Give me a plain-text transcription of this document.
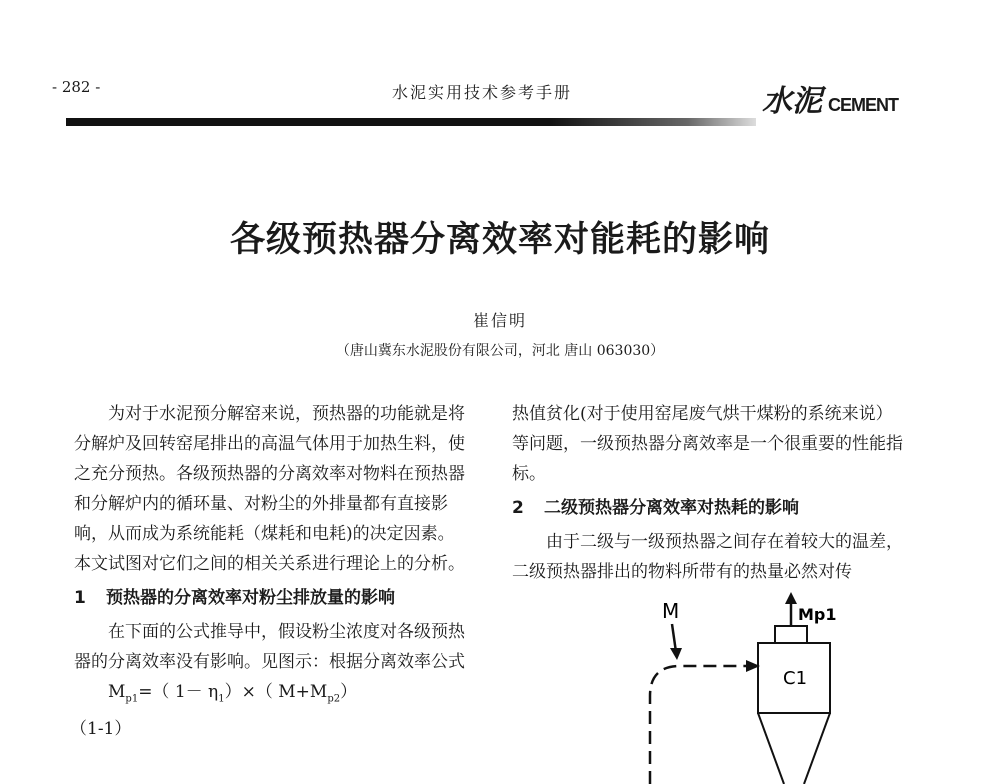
- 282 -	水泥实用技术参考手册	水泥 CEMENT
各级预热器分离效率对能耗的影响
崔信明
（唐山冀东水泥股份有限公司，河北 唐山 063030）

为对于水泥预分解窑来说，预热器的功能就是将分解炉及回转窑尾排出的高温气体用于加热生料，使之充分预热。各级预热器的分离效率对物料在预热器和分解炉内的循环量、对粉尘的外排量都有直接影响，从而成为系统能耗（煤耗和电耗)的决定因素。本文试图对它们之间的相关关系进行理论上的分析。

1 预热器的分离效率对粉尘排放量的影响

在下面的公式推导中，假设粉尘浓度对各级预热器的分离效率没有影响。见图示：根据分离效率公式

$M_{p1}=$（ $1- \eta_1)\times$（ $M+M_{p2}$）

（1-1）

热值贫化(对于使用窑尾废气烘干煤粉的系统来说）等问题，一级预热器分离效率是一个很重要的性能指标。

2 二级预热器分离效率对热耗的影响

由于二级与一级预热器之间存在着较大的温差，二级预热器排出的物料所带有的热量必然对传

M
C1
Mp1
